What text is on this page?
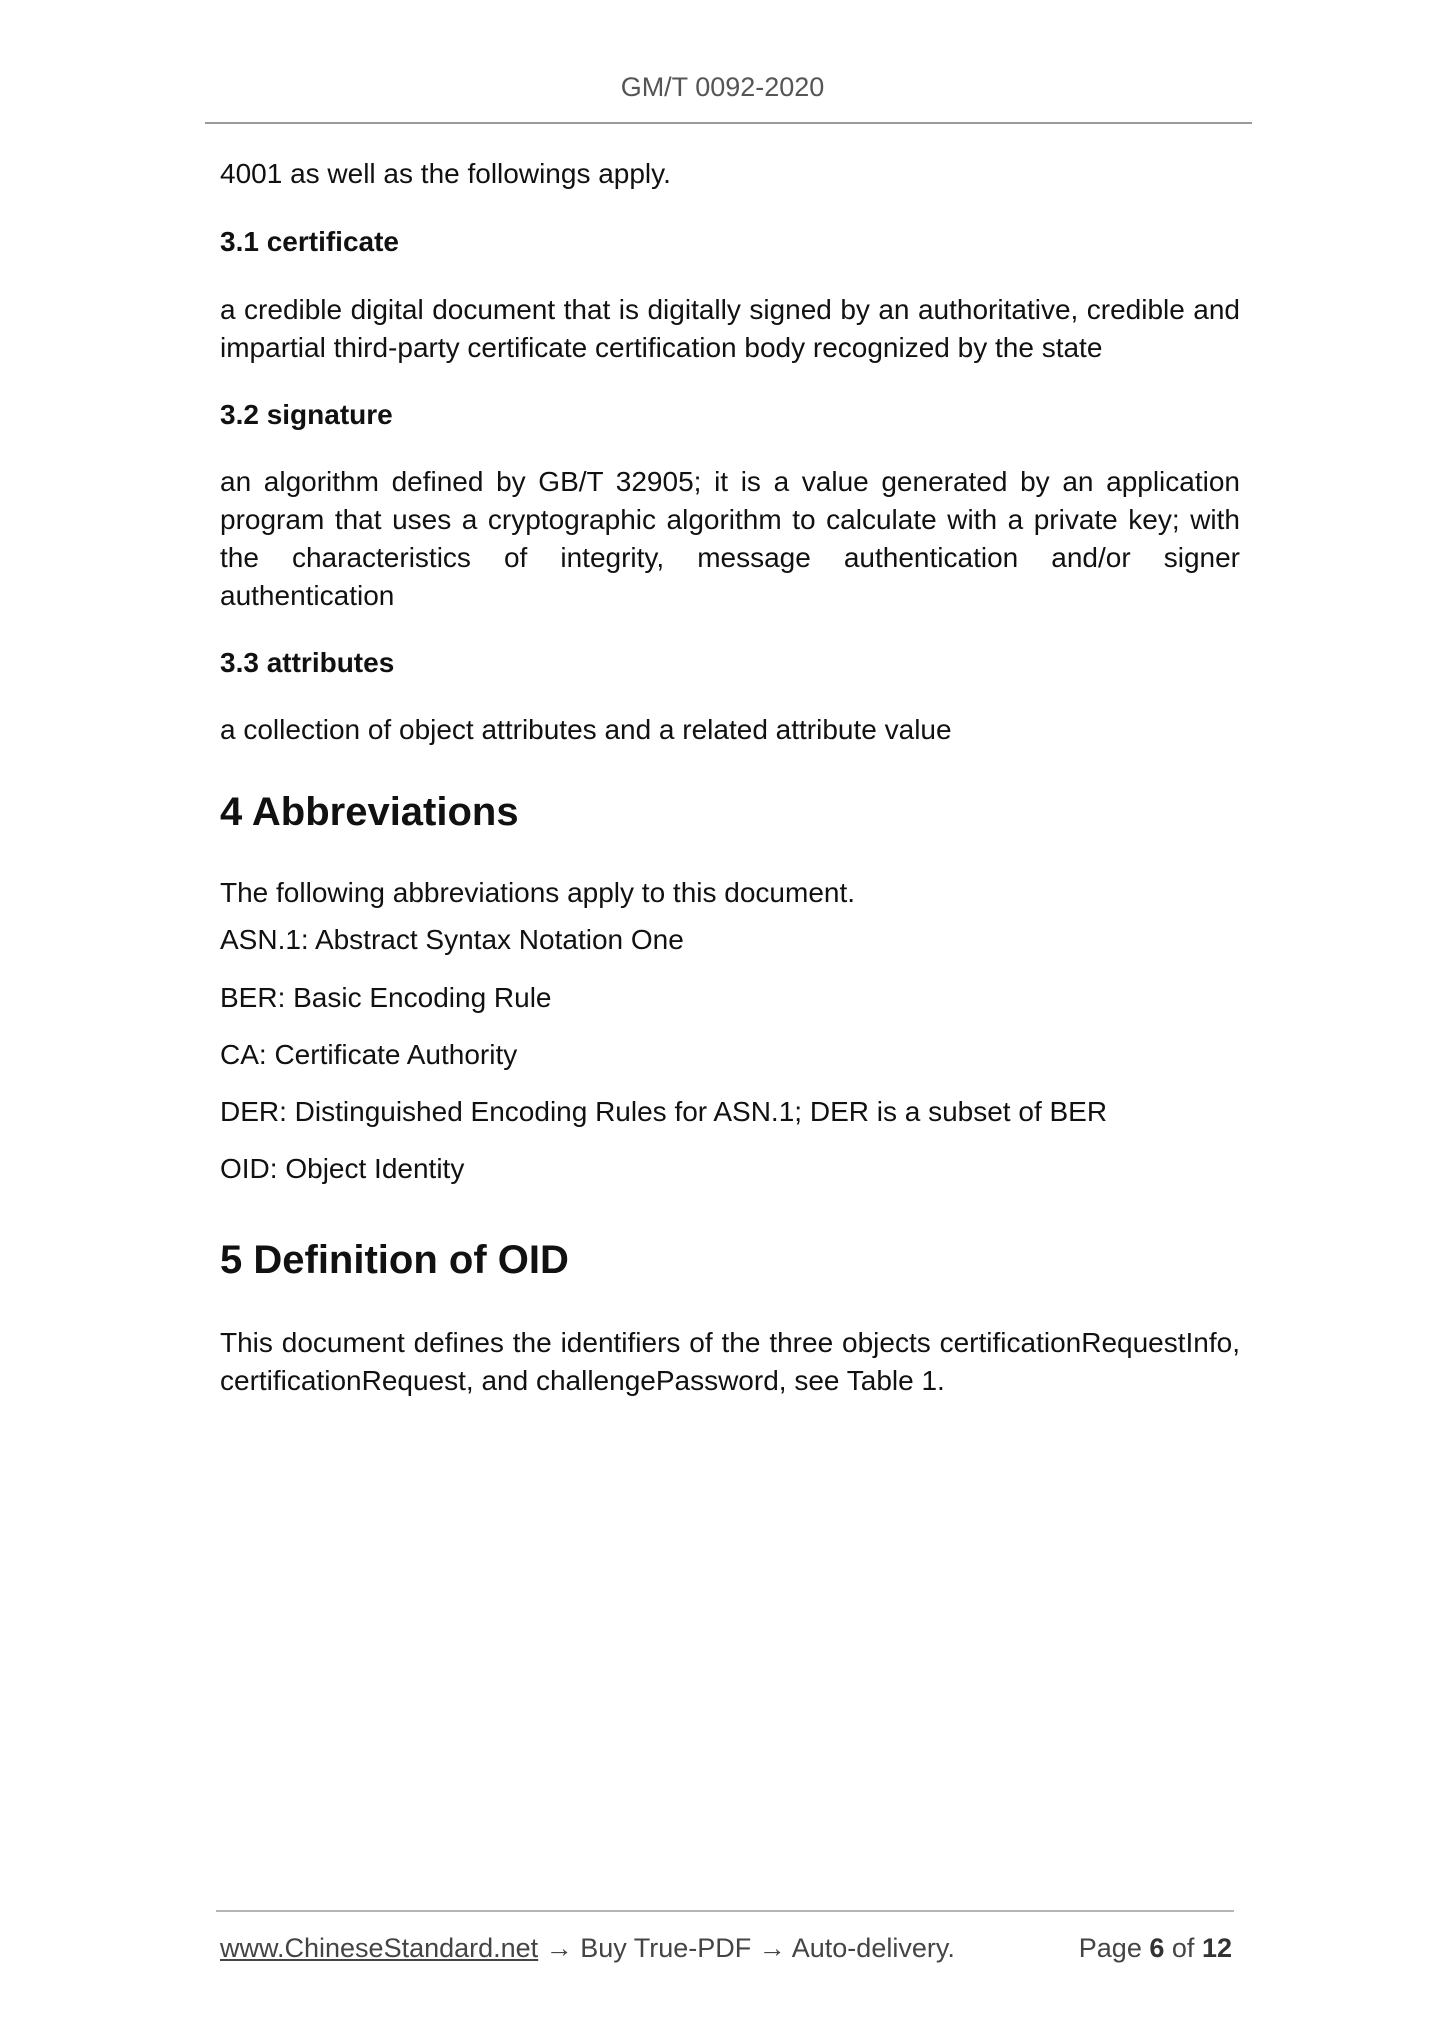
GM/T 0092-2020

4001 as well as the followings apply.

3.1 certificate

a credible digital document that is digitally signed by an authoritative, credible and impartial third-party certificate certification body recognized by the state

3.2 signature

an algorithm defined by GB/T 32905; it is a value generated by an application program that uses a cryptographic algorithm to calculate with a private key; with the characteristics of integrity, message authentication and/or signer authentication

3.3 attributes

a collection of object attributes and a related attribute value

4 Abbreviations

The following abbreviations apply to this document.

ASN.1: Abstract Syntax Notation One
BER: Basic Encoding Rule
CA: Certificate Authority
DER: Distinguished Encoding Rules for ASN.1; DER is a subset of BER
OID: Object Identity
5 Definition of OID

This document defines the identifiers of the three objects certificationRequestInfo, certificationRequest, and challengePassword, see Table 1.

www.ChineseStandard.net → Buy True-PDF → Auto-delivery.	Page 6 of 12
